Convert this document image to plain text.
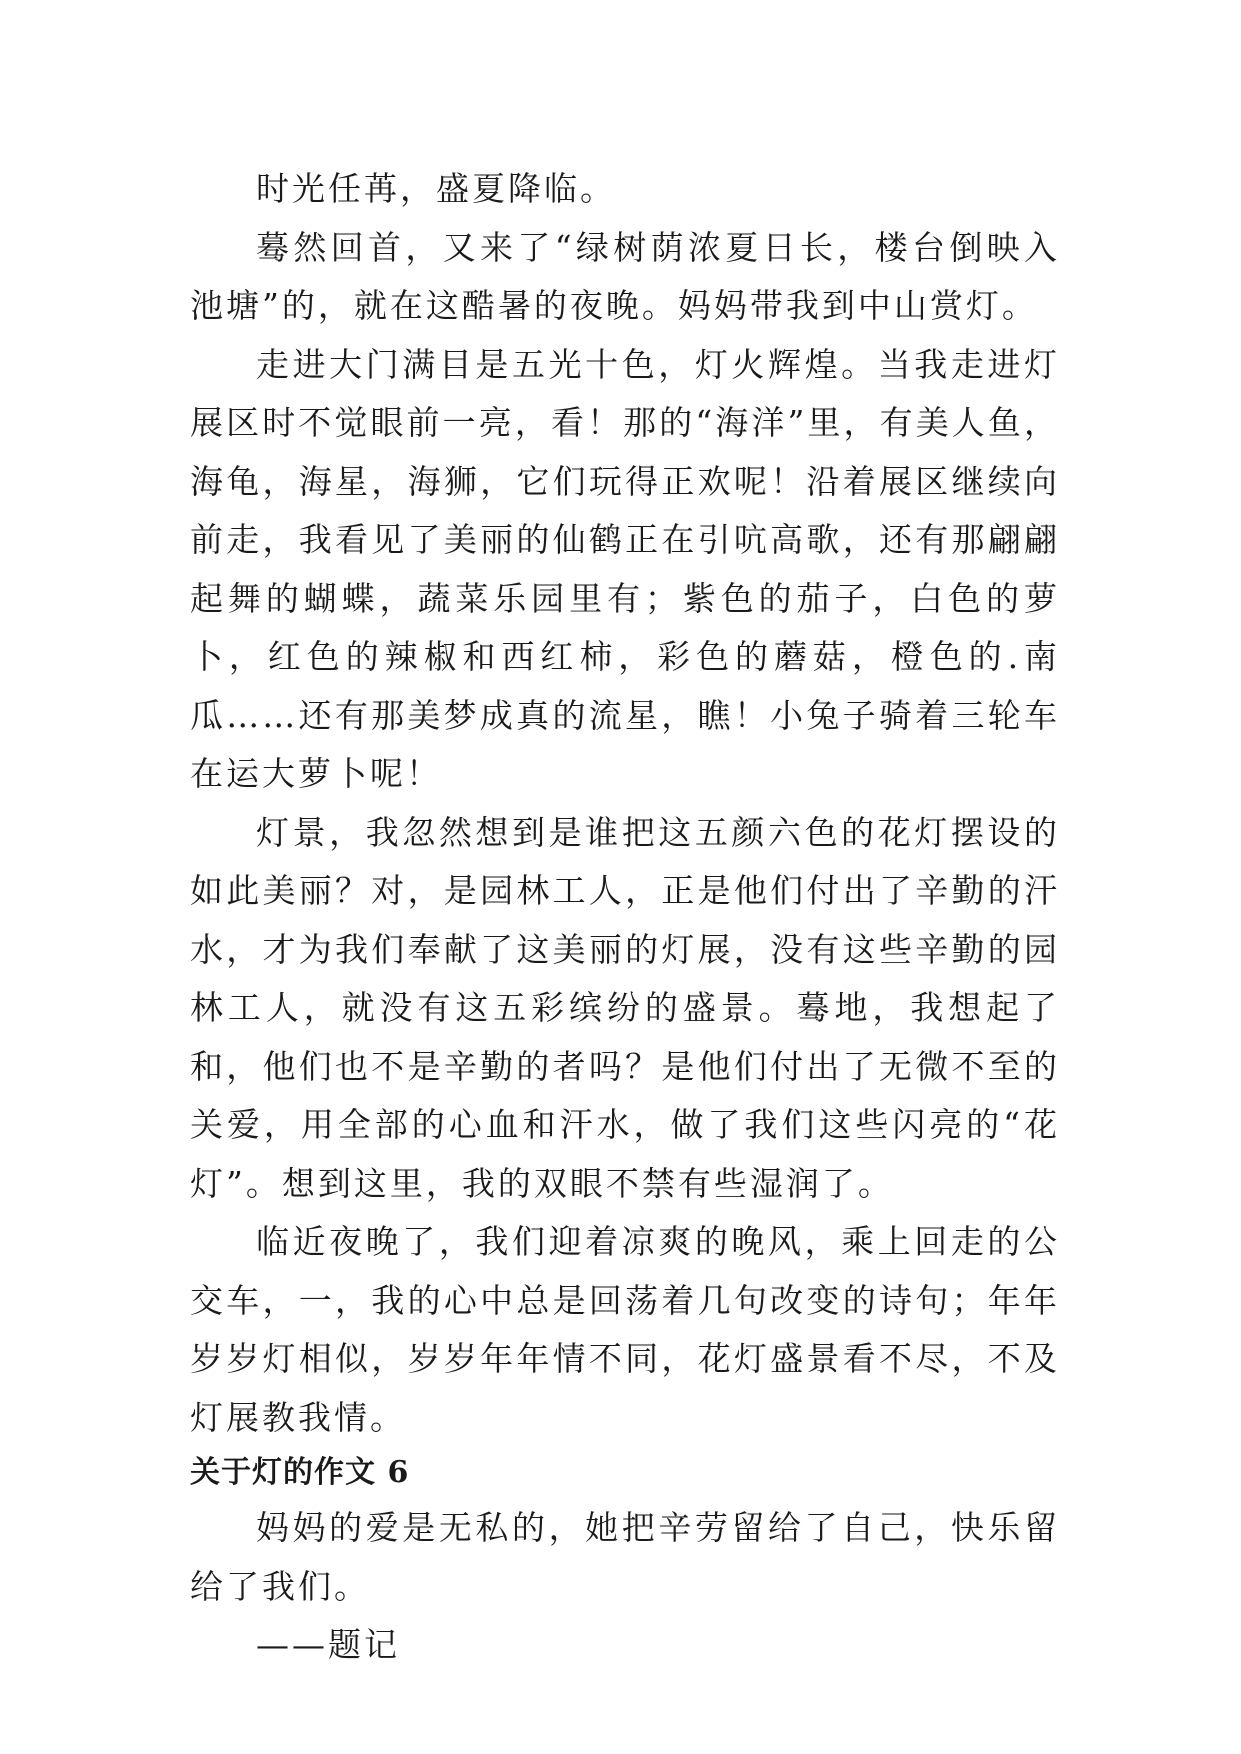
时光任苒，盛夏降临。

蓦然回首，又来了“绿树荫浓夏日长，楼台倒映入池塘”的，就在这酷暑的夜晚。妈妈带我到中山赏灯。

走进大门满目是五光十色，灯火辉煌。当我走进灯展区时不觉眼前一亮，看！那的“海洋”里，有美人鱼，海龟，海星，海狮，它们玩得正欢呢！沿着展区继续向前走，我看见了美丽的仙鹤正在引吭高歌，还有那翩翩起舞的蝴蝶，蔬菜乐园里有；紫色的茄子，白色的萝卜，红色的辣椒和西红柿，彩色的蘑菇，橙色的.南瓜……还有那美梦成真的流星，瞧！小兔子骑着三轮车在运大萝卜呢！

灯景，我忽然想到是谁把这五颜六色的花灯摆设的如此美丽？对，是园林工人，正是他们付出了辛勤的汗水，才为我们奉献了这美丽的灯展，没有这些辛勤的园林工人，就没有这五彩缤纷的盛景。蓦地，我想起了和，他们也不是辛勤的者吗？是他们付出了无微不至的关爱，用全部的心血和汗水，做了我们这些闪亮的“花灯”。想到这里，我的双眼不禁有些湿润了。

临近夜晚了，我们迎着凉爽的晚风，乘上回走的公交车，一，我的心中总是回荡着几句改变的诗句；年年岁岁灯相似，岁岁年年情不同，花灯盛景看不尽，不及灯展教我情。

关于灯的作文 6

妈妈的爱是无私的，她把辛劳留给了自己，快乐留给了我们。

——题记
